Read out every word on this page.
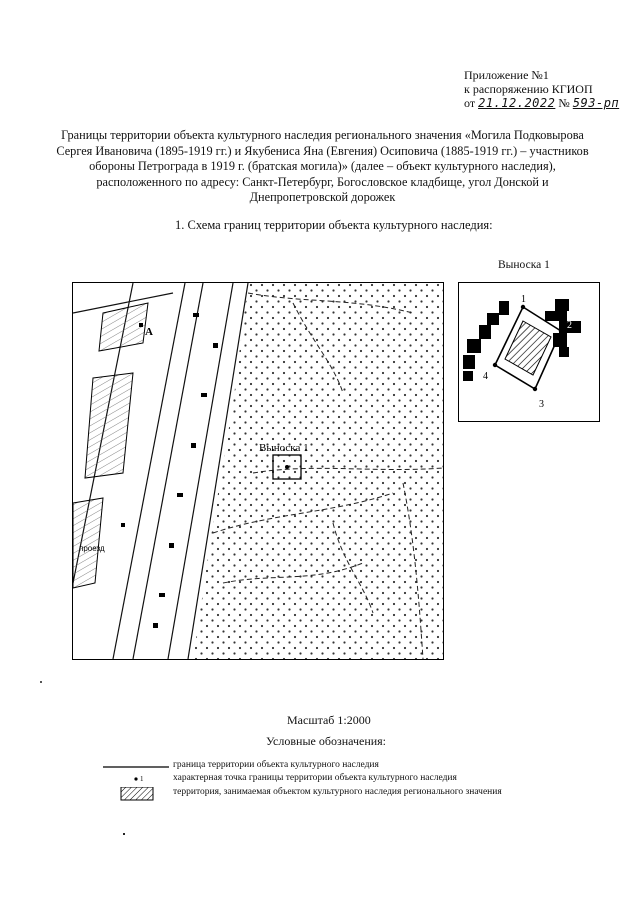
Приложение №1
к распоряжению КГИОП
от 21.12.2022 № 593-рп
Границы территории объекта культурного наследия регионального значения «Могила Подковырова Сергея Ивановича (1895-1919 гг.) и Якубениса Яна (Евгения) Осиповича (1885-1919 гг.) – участников обороны Петрограда в 1919 г. (братская могила)» (далее – объект культурного наследия), расположенного по адресу: Санкт-Петербург, Богословское кладбище, угол Донской и Днепропетровской дорожек
1. Схема границ территории объекта культурного наследия:
Выноска 1
1
2
3
4
Выноска 1
А
проезд
Масштаб 1:2000
Условные обозначения:
граница территории объекта культурного наследия
1	характерная точка границы территории объекта культурного наследия
территория, занимаемая объектом культурного наследия регионального значения
